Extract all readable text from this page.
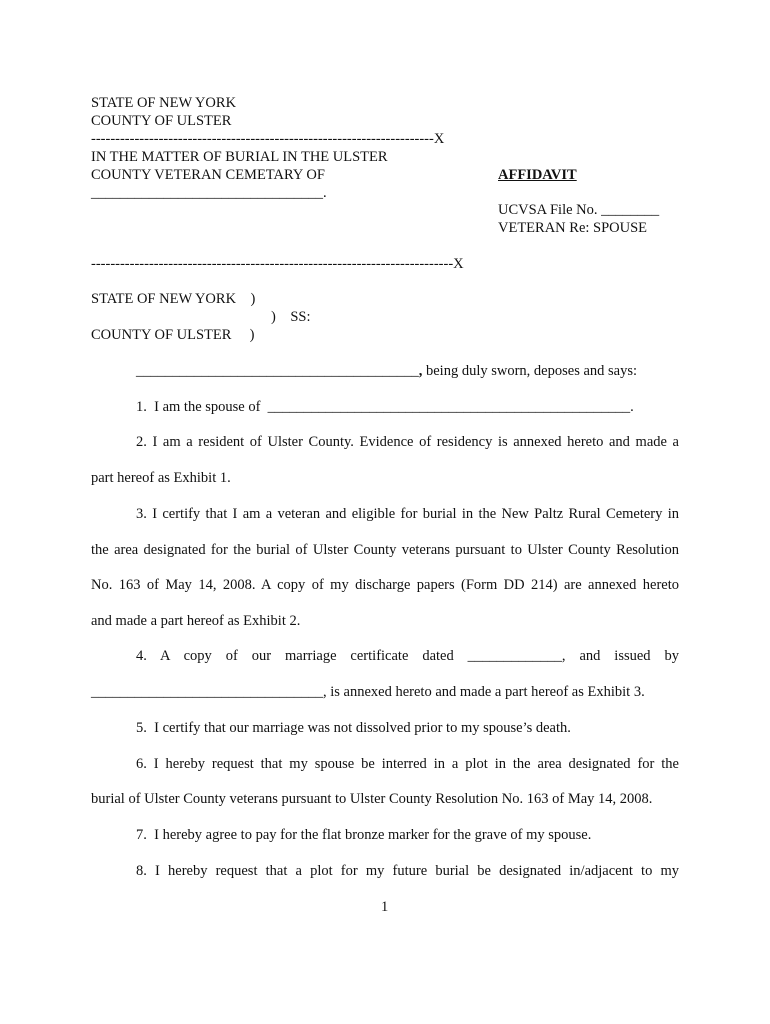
STATE OF NEW YORK
COUNTY OF ULSTER
-----------------------------------------------------------------------X
IN THE MATTER OF BURIAL IN THE ULSTER
COUNTY VETERAN CEMETARY OF
________________________________.
AFFIDAVIT
UCVSA File No. ________
VETERAN Re: SPOUSE
---------------------------------------------------------------------------X
STATE OF NEW YORK    )
)    SS:
COUNTY OF ULSTER     )
_______________________________________, being duly sworn, deposes and says:
1.  I am the spouse of  __________________________________________________.
2. I am a resident of Ulster County. Evidence of residency is annexed hereto and made a
part hereof as Exhibit 1.
3. I certify that I am a veteran and eligible for burial in the New Paltz Rural Cemetery in
the area designated for the burial of Ulster County veterans pursuant to Ulster County Resolution
No. 163 of May 14, 2008. A copy of my discharge papers (Form DD 214) are annexed hereto
and made a part hereof as Exhibit 2.
4. A copy of our marriage certificate dated _____________, and issued by
________________________________, is annexed hereto and made a part hereof as Exhibit 3.
5.  I certify that our marriage was not dissolved prior to my spouse’s death.
6. I hereby request that my spouse be interred in a plot in the area designated for the
burial of Ulster County veterans pursuant to Ulster County Resolution No. 163 of May 14, 2008.
7.  I hereby agree to pay for the flat bronze marker for the grave of my spouse.
8. I hereby request that a plot for my future burial be designated in/adjacent to my
1
